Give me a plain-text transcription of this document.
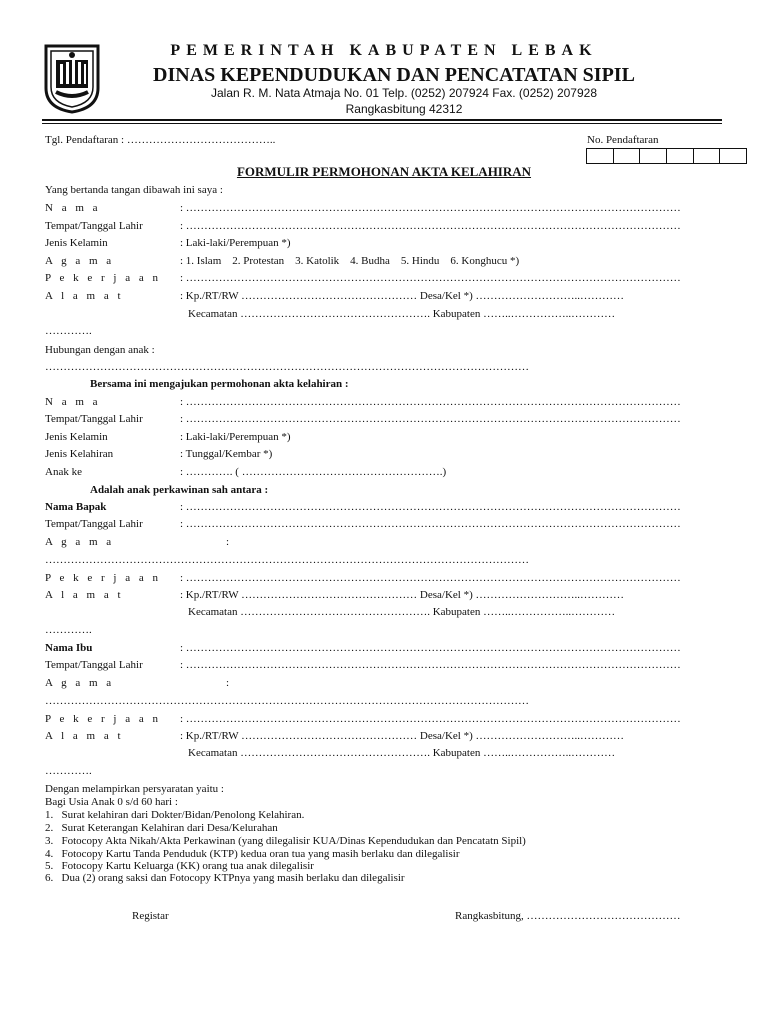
PEMERINTAH KABUPATEN LEBAK
DINAS KEPENDUDUKAN DAN PENCATATAN SIPIL
Jalan R. M. Nata Atmaja No. 01 Telp. (0252) 207924 Fax. (0252) 207928
Rangkasbitung 42312
Tgl. Pendaftaran : …………………………………..	No. Pendaftaran
FORMULIR PERMOHONAN AKTA KELAHIRAN
Yang bertanda tangan dibawah ini saya :
N a m a	: ………………………………………………………………………………………………………………………
Tempat/Tanggal Lahir	: ………………………………………………………………………………………………………………………
Jenis Kelamin	: Laki-laki/Perempuan *)
A g a m a	: 1. Islam    2. Protestan    3. Katolik    4. Budha    5. Hindu    6. Konghucu *)
P e k e r j a a n : ………………………………………………………………………………………………………………………
A l a m a t	: Kp./RT/RW ………………………………………… Desa/Kel *) ………………………..…………
Kecamatan ……………………………………………. Kabupaten ……..……………..…………
………….
Hubungan dengan anak :
……………………………………………………………………………………………………………………
Bersama ini mengajukan permohonan akta kelahiran :
N a m a	: ………………………………………………………………………………………………………………………
Tempat/Tanggal Lahir	: ………………………………………………………………………………………………………………………
Jenis Kelamin	: Laki-laki/Perempuan *)
Jenis Kelahiran	: Tunggal/Kembar *)
Anak ke	: …………. ( ……………………………………………….)
Adalah anak perkawinan sah antara :
Nama Bapak	: ………………………………………………………………………………………………………………………
Tempat/Tanggal Lahir	: ………………………………………………………………………………………………………………………
A g a m a	:
……………………………………………………………………………………………………………………
P e k e r j a a n : ………………………………………………………………………………………………………………………
A l a m a t	: Kp./RT/RW ………………………………………… Desa/Kel *) ………………………..…………
Kecamatan ……………………………………………. Kabupaten ……..……………..…………
………….
Nama Ibu	: ………………………………………………………………………………………………………………………
Tempat/Tanggal Lahir	: ………………………………………………………………………………………………………………………
A g a m a	:
……………………………………………………………………………………………………………………
P e k e r j a a n : ………………………………………………………………………………………………………………………
A l a m a t	: Kp./RT/RW ………………………………………… Desa/Kel *) ………………………..…………
Kecamatan ……………………………………………. Kabupaten ……..……………..…………
………….
Dengan melampirkan persyaratan yaitu :
Bagi Usia Anak 0 s/d 60 hari :
1.   Surat kelahiran dari Dokter/Bidan/Penolong Kelahiran.
2.   Surat Keterangan Kelahiran dari Desa/Kelurahan
3.   Fotocopy Akta Nikah/Akta Perkawinan (yang dilegalisir KUA/Dinas Kependudukan dan Pencatatn Sipil)
4.   Fotocopy Kartu Tanda Penduduk (KTP) kedua oran tua yang masih berlaku dan dilegalisir
5.   Fotocopy Kartu Keluarga (KK) orang tua anak dilegalisir
6.   Dua (2) orang saksi dan Fotocopy KTPnya yang masih berlaku dan dilegalisir
Registar	Rangkasbitung, ……………………………………
